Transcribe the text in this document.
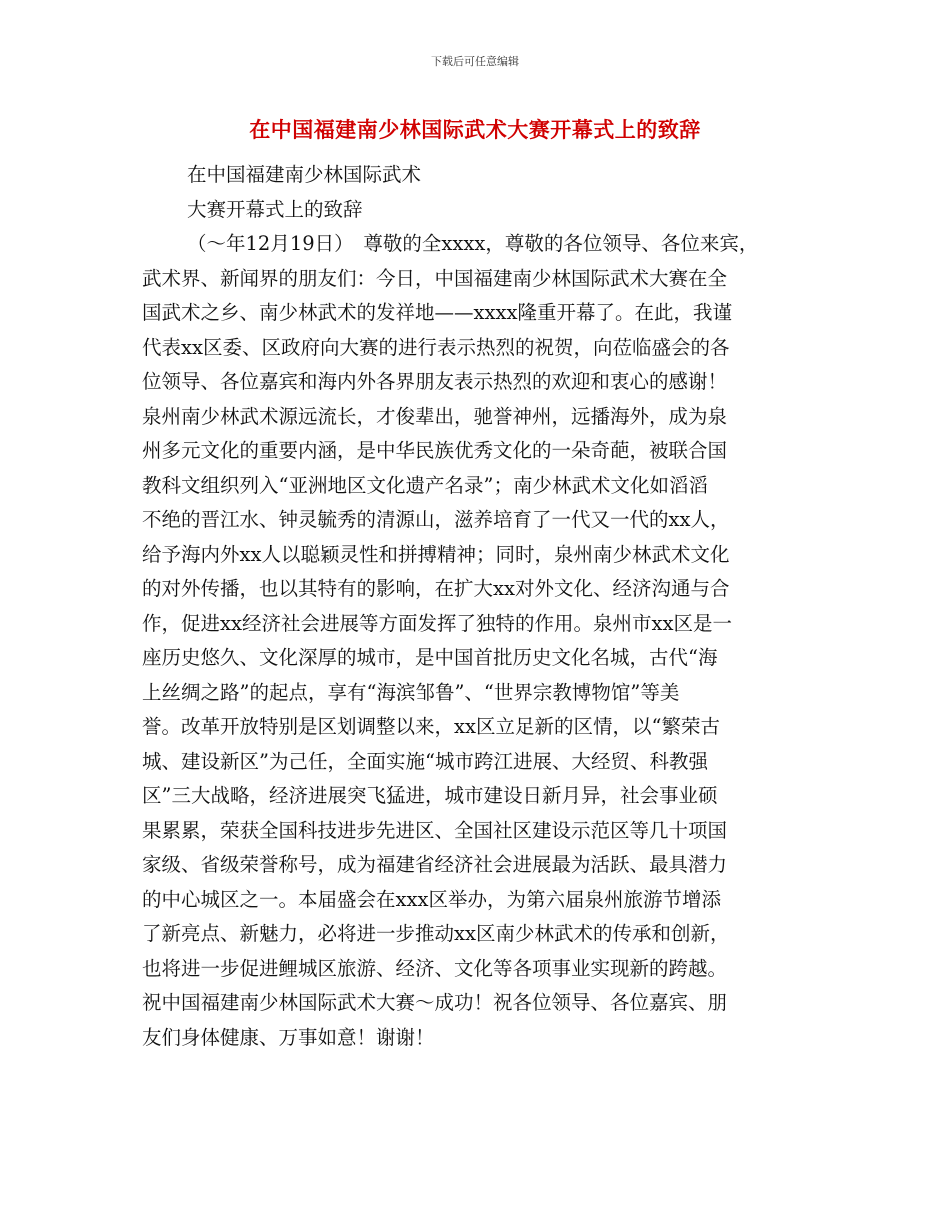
下载后可任意编辑
在中国福建南少林国际武术大赛开幕式上的致辞
在中国福建南少林国际武术
大赛开幕式上的致辞
（～年12月19日）　尊敬的全xxxx，尊敬的各位领导、各位来宾，
武术界、新闻界的朋友们：今日，中国福建南少林国际武术大赛在全
国武术之乡、南少林武术的发祥地——xxxx隆重开幕了。在此，我谨
代表xx区委、区政府向大赛的进行表示热烈的祝贺，向莅临盛会的各
位领导、各位嘉宾和海内外各界朋友表示热烈的欢迎和衷心的感谢！
泉州南少林武术源远流长，才俊辈出，驰誉神州，远播海外，成为泉
州多元文化的重要内涵，是中华民族优秀文化的一朵奇葩，被联合国
教科文组织列入“亚洲地区文化遗产名录”；南少林武术文化如滔滔
不绝的晋江水、钟灵毓秀的清源山，滋养培育了一代又一代的xx人，
给予海内外xx人以聪颖灵性和拼搏精神；同时，泉州南少林武术文化
的对外传播，也以其特有的影响，在扩大xx对外文化、经济沟通与合
作，促进xx经济社会进展等方面发挥了独特的作用。泉州市xx区是一
座历史悠久、文化深厚的城市，是中国首批历史文化名城，古代“海
上丝绸之路”的起点，享有“海滨邹鲁”、“世界宗教博物馆”等美
誉。改革开放特别是区划调整以来，xx区立足新的区情，以“繁荣古
城、建设新区”为己任，全面实施“城市跨江进展、大经贸、科教强
区”三大战略，经济进展突飞猛进，城市建设日新月异，社会事业硕
果累累，荣获全国科技进步先进区、全国社区建设示范区等几十项国
家级、省级荣誉称号，成为福建省经济社会进展最为活跃、最具潜力
的中心城区之一。本届盛会在xxx区举办，为第六届泉州旅游节增添
了新亮点、新魅力，必将进一步推动xx区南少林武术的传承和创新，
也将进一步促进鲤城区旅游、经济、文化等各项事业实现新的跨越。
祝中国福建南少林国际武术大赛～成功！祝各位领导、各位嘉宾、朋
友们身体健康、万事如意！谢谢！
